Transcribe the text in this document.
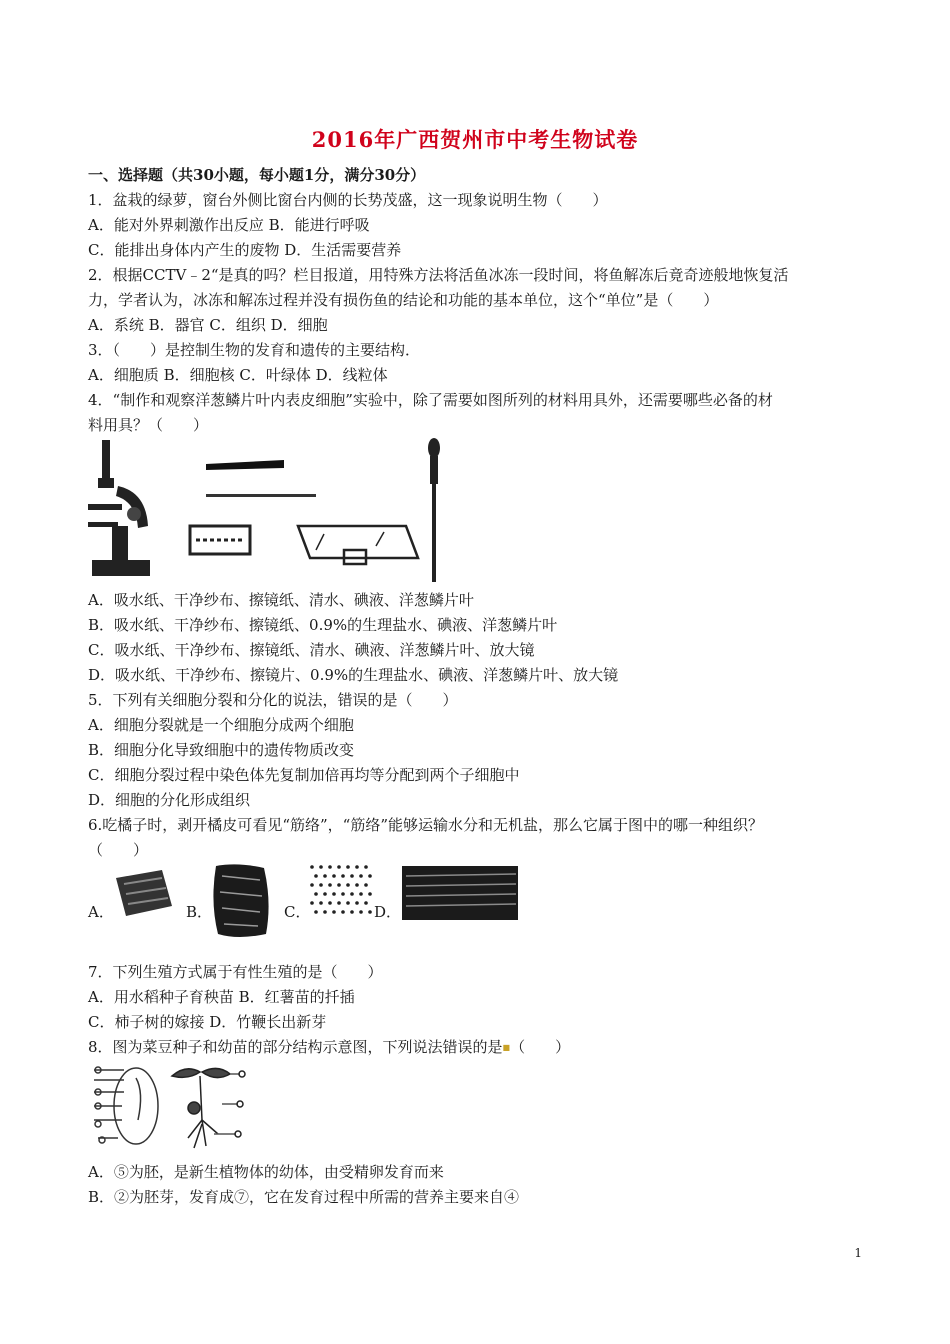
2016年广西贺州市中考生物试卷
一、选择题（共30小题，每小题1分，满分30分）
1．盆栽的绿萝，窗台外侧比窗台内侧的长势茂盛，这一现象说明生物（　　）
A．能对外界刺激作出反应 B．能进行呼吸
C．能排出身体内产生的废物 D．生活需要营养
2．根据CCTV﹣2“是真的吗？栏目报道，用特殊方法将活鱼冰冻一段时间，将鱼解冻后竟奇迹般地恢复活
力，学者认为，冰冻和解冻过程并没有损伤鱼的结论和功能的基本单位，这个“单位”是（　　）
A．系统 B．器官 C．组织 D．细胞
3．（　　）是控制生物的发育和遗传的主要结构．
A．细胞质 B．细胞核 C．叶绿体 D．线粒体
4．“制作和观察洋葱鳞片叶内表皮细胞”实验中，除了需要如图所列的材料用具外，还需要哪些必备的材
料用具？（　　）
A．吸水纸、干净纱布、擦镜纸、清水、碘液、洋葱鳞片叶
B．吸水纸、干净纱布、擦镜纸、0.9%的生理盐水、碘液、洋葱鳞片叶
C．吸水纸、干净纱布、擦镜纸、清水、碘液、洋葱鳞片叶、放大镜
D．吸水纸、干净纱布、擦镜片、0.9%的生理盐水、碘液、洋葱鳞片叶、放大镜
5．下列有关细胞分裂和分化的说法，错误的是（　　）
A．细胞分裂就是一个细胞分成两个细胞
B．细胞分化导致细胞中的遗传物质改变
C．细胞分裂过程中染色体先复制加倍再均等分配到两个子细胞中
D．细胞的分化形成组织
6.吃橘子时，剥开橘皮可看见“筋络”，“筋络”能够运输水分和无机盐，那么它属于图中的哪一种组织？
（　　）
A．	B．	C．	D．
7．下列生殖方式属于有性生殖的是（　　）
A．用水稻种子育秧苗 B．红薯苗的扦插
C．柿子树的嫁接 D．竹鞭长出新芽
8．图为菜豆种子和幼苗的部分结构示意图，下列说法错误的是■（　　）
A．⑤为胚，是新生植物体的幼体，由受精卵发育而来
B．②为胚芽，发育成⑦，它在发育过程中所需的营养主要来自④
1
